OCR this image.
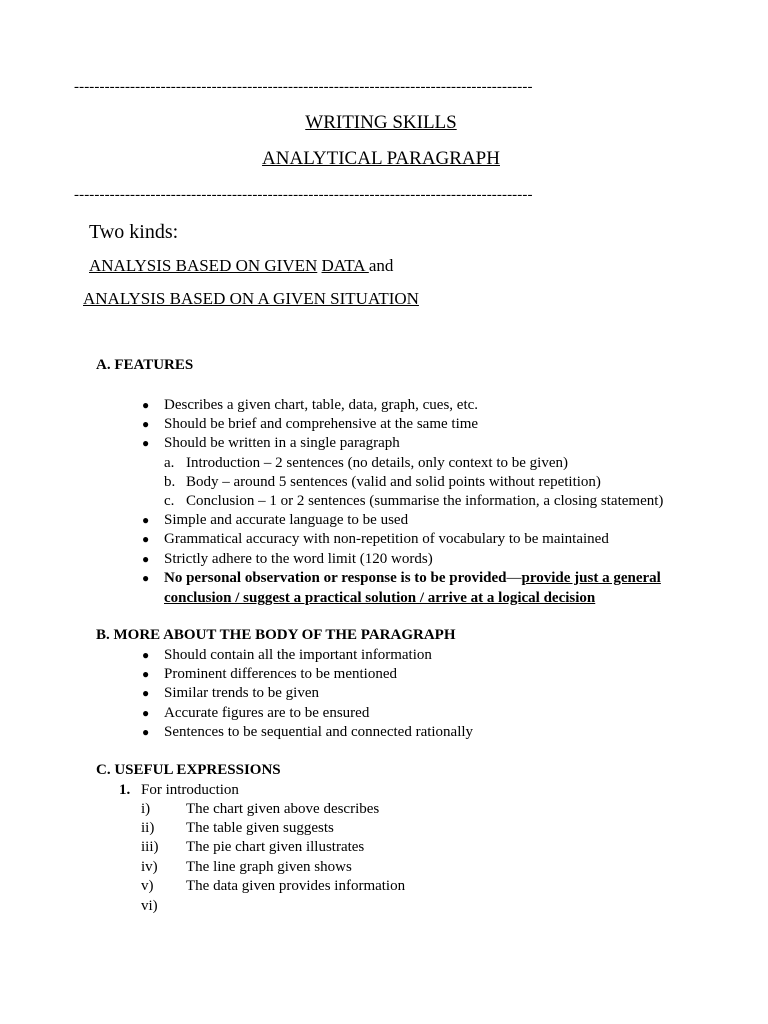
------------------------------------------------------------------------------------------
WRITING SKILLS
ANALYTICAL PARAGRAPH
------------------------------------------------------------------------------------------
Two kinds:
ANALYSIS BASED ON GIVEN DATA and
ANALYSIS BASED ON A GIVEN SITUATION
A. FEATURES
● Describes a given chart, table, data, graph, cues, etc.
● Should be brief and comprehensive at the same time
● Should be written in a single paragraph
a. Introduction – 2 sentences (no details, only context to be given)
b. Body – around 5 sentences (valid and solid points without repetition)
c. Conclusion – 1 or 2 sentences (summarise the information, a closing statement)
● Simple and accurate language to be used
● Grammatical accuracy with non-repetition of vocabulary to be maintained
● Strictly adhere to the word limit (120 words)
● No personal observation or response is to be provided—provide just a general
conclusion / suggest a practical solution / arrive at a logical decision
B. MORE ABOUT THE BODY OF THE PARAGRAPH
● Should contain all the important information
● Prominent differences to be mentioned
● Similar trends to be given
● Accurate figures are to be ensured
● Sentences to be sequential and connected rationally
C. USEFUL EXPRESSIONS
1. For introduction
i) The chart given above describes
ii) The table given suggests
iii) The pie chart given illustrates
iv) The line graph given shows
v) The data given provides information
vi)
